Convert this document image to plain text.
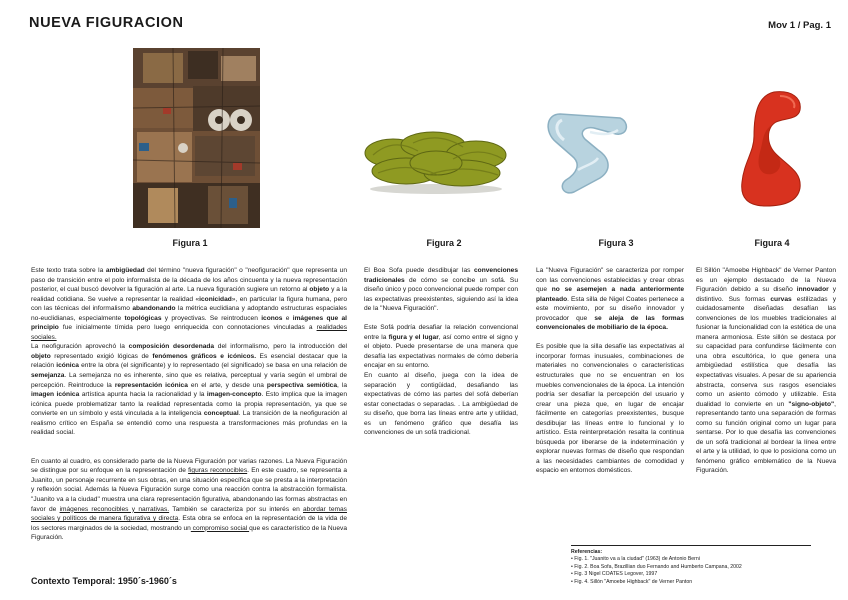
NUEVA FIGURACION	Mov 1 / Pag. 1
Figura 1	Figura 2	Figura 3	Figura 4

Este texto trata sobre la ambigüedad del término "nueva figuración" o "neofiguración" que representa un paso de transición entre el polo informalista de la década de los años cincuenta y la nueva representación posterior, el cual buscó devolver la figuración al arte. La nueva figuración sugiere un retorno al objeto y a la realidad cotidiana. Se vuelve a representar la realidad «iconicidad», en particular la figura humana, pero con las técnicas del informalismo abandonando la métrica euclidiana y adoptando estructuras espaciales no-euclidianas, especialmente topológicas y proyectivas. Se reintroducen iconos e imágenes que al principio fue inicialmente tímida pero luego enriquecida con connotaciones vinculadas a realidades sociales.

La neofiguración aprovechó la composición desordenada del informalismo, pero la introducción del objeto representado exigió lógicas de fenómenos gráficos e icónicos. Es esencial destacar que la relación icónica entre la obra (el significante) y lo representado (el significado) se basa en una relación de semejanza. La semejanza no es inherente, sino que es relativa, perceptual y varía según el umbral de percepción. Reintroduce la representación icónica en el arte, y desde una perspectiva semiótica, la imagen icónica artística apunta hacia la racionalidad y la imagen-concepto. Esto implica que la imagen icónica puede problematizar tanto la realidad representada como la propia representación, ya que se convierte en un símbolo y está vinculada a la inteligencia conceptual. La transición de la neofiguración al realismo crítico en España se entendió como una respuesta a transformaciones más profundas en la realidad social.

En cuanto al cuadro, es considerado parte de la Nueva Figuración por varias razones. La Nueva Figuración se distingue por su enfoque en la representación de figuras reconocibles. En este cuadro, se representa a Juanito, un personaje recurrente en sus obras, en una situación específica que se presta a la interpretación y reflexión social. Además la Nueva Figuración surge como una reacción contra la abstracción formalista. "Juanito va a la ciudad" muestra una clara representación figurativa, abandonando las formas abstractas en favor de imágenes reconocibles y narrativas. También se caracteriza por su interés en abordar temas sociales y políticos de manera figurativa y directa. Esta obra se enfoca en la representación de la vida de los sectores marginados de la sociedad, mostrando un compromiso social que es característico de la Nueva Figuración.

El Boa Sofa puede desdibujar las convenciones tradicionales de cómo se concibe un sofá. Su diseño único y poco convencional puede romper con las expectativas preexistentes, siguiendo así la idea de la "Nueva Figuración".

Este Sofá podría desafiar la relación convencional entre la figura y el lugar, así como entre el signo y el objeto. Puede presentarse de una manera que desafía las expectativas normales de cómo debería encajar en su entorno.

En cuanto al diseño, juega con la idea de separación y contigüidad, desafiando las expectativas de cómo las partes del sofá deberían estar conectadas o separadas. . La ambigüedad de su diseño, que borra las líneas entre arte y utilidad, es un fenómeno gráfico que desafía las convenciones de un sofá tradicional.

La "Nueva Figuración" se caracteriza por romper con las convenciones establecidas y crear obras que no se asemejen a nada anteriormente planteado. Esta silla de Nigel Coates pertenece a este movimiento, por su diseño innovador y provocador que se aleja de las formas convencionales de mobiliario de la época.

Es posible que la silla desafíe las expectativas al incorporar formas inusuales, combinaciones de materiales no convencionales o características estructurales que no se encuentran en los muebles convencionales de la época. La intención podría ser desafiar la percepción del usuario y crear una pieza que, en lugar de encajar fácilmente en categorías preexistentes, busque desdibujar las líneas entre lo funcional y lo artístico. Esta reinterpretación resalta la continua búsqueda por liberarse de la indeterminación y explorar nuevas formas de diseño que respondan a las necesidades cambiantes de comodidad y espacio en entornos domésticos.

El Sillón "Amoebe Highback" de Verner Panton es un ejemplo destacado de la Nueva Figuración debido a su diseño innovador y distintivo. Sus formas curvas estilizadas y cuidadosamente diseñadas desafían las convenciones de los muebles tradicionales al fusionar la funcionalidad con la estética de una manera armoniosa. Este sillón se destaca por su capacidad para confundirse fácilmente con una obra escultórica, lo que genera una ambigüedad estilística que desafía las expectativas visuales. A pesar de su apariencia abstracta, conserva sus rasgos esenciales como un asiento cómodo y utilizable. Esta dualidad lo convierte en un "signo-objeto", representando tanto una separación de formas como su función original como un lugar para sentarse. Por lo que desafía las convenciones de un sofá tradicional al bordear la línea entre el arte y la utilidad, lo que lo posiciona como un fenómeno gráfico emblemático de la Nueva Figuración.

Contexto Temporal: 1950´s-1960´s
Referencias:
• Fig. 1. "Juanito va a la ciudad" (1963) de Antonio Berni
• Fig. 2. Boa Sofa, Brazillian duo Fernando and Humberto Campana, 2002
• Fig. 3 Nigel COATES Legover, 1997
• Fig. 4. Sillón "Amoebe Highback" de Verner Panton
